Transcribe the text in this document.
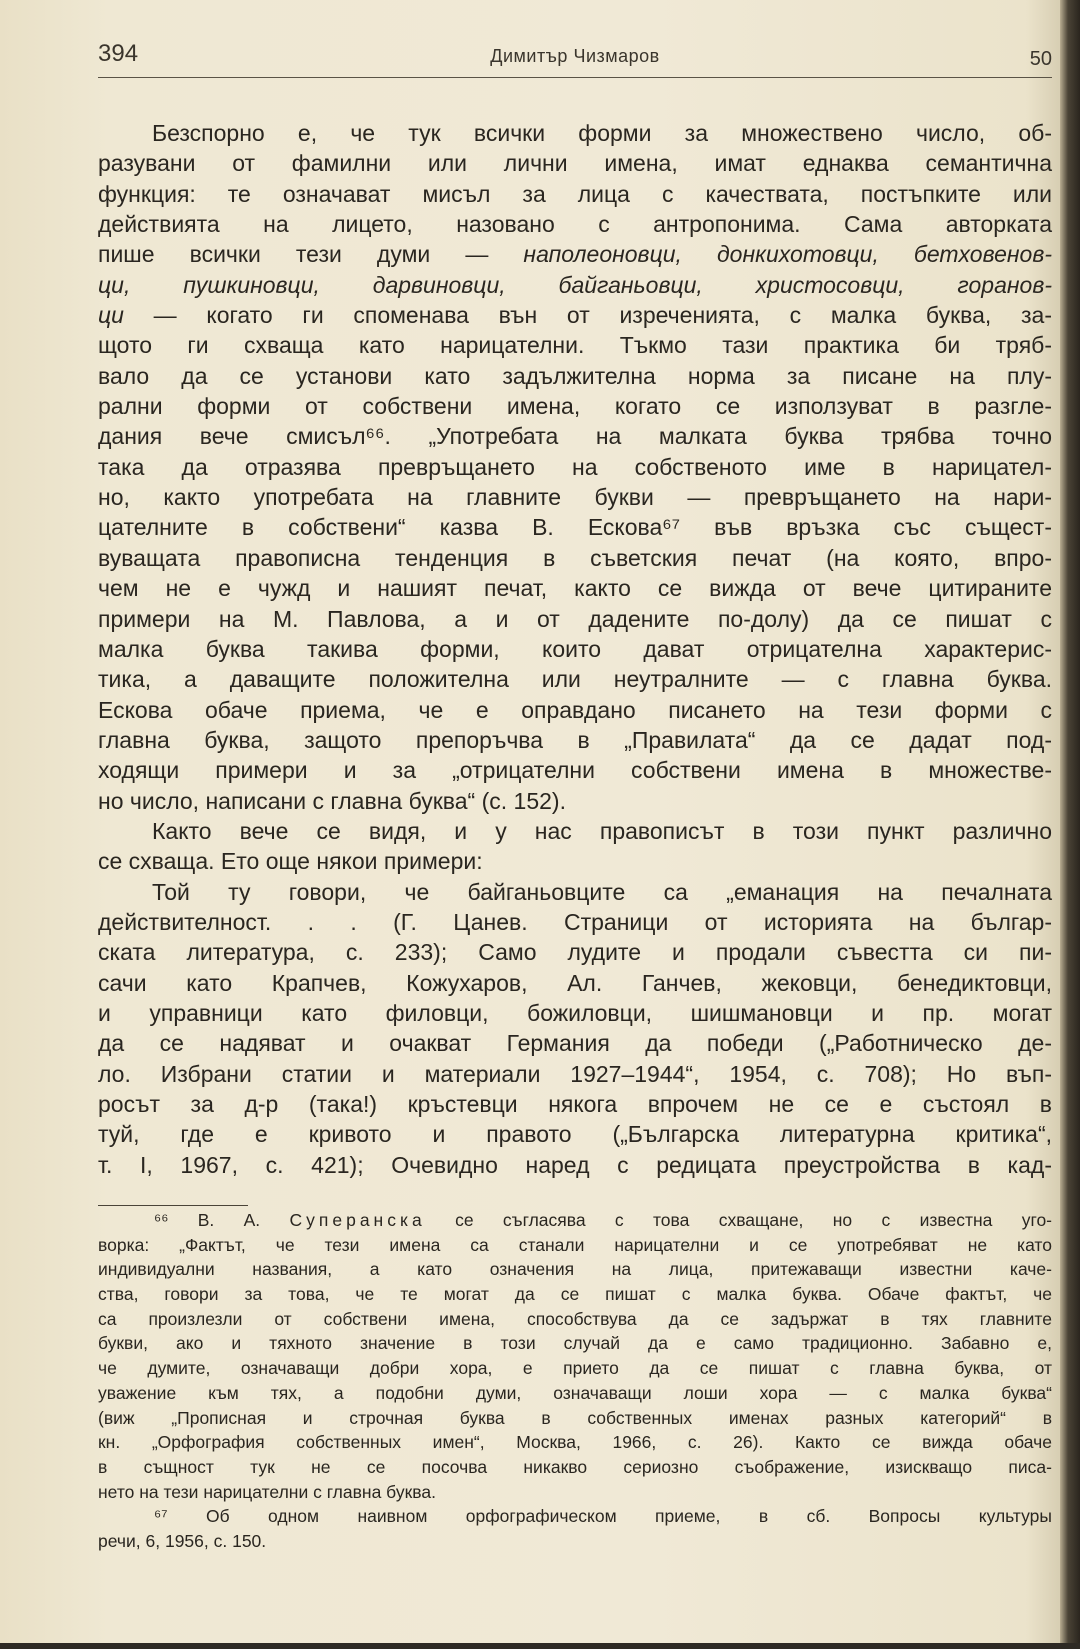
394	Димитър Чизмаров	50
Безспорно е, че тук всички форми за множествено число, об-
разувани от фамилни или лични имена, имат еднаква семантична
функция: те означават мисъл за лица с качествата, постъпките или
действията на лицето, назовано с антропонима. Сама авторката
пише всички тези думи — наполеоновци, донкихотовци, бетховенов-
ци, пушкиновци, дарвиновци, байганьовци, христосовци, горанов-
ци — когато ги споменава вън от изреченията, с малка буква, за-
щото ги схваща като нарицателни. Тъкмо тази практика би тряб-
вало да се установи като задължителна норма за писане на плу-
рални форми от собствени имена, когато се използуват в разгле-
дания вече смисъл⁶⁶. „Употребата на малката буква трябва точно
така да отразява превръщането на собственото име в нарицател-
но, както употребата на главните букви — превръщането на нари-
цателните в собствени“ казва В. Ескова⁶⁷ във връзка със същест-
вуващата правописна тенденция в съветския печат (на която, впро-
чем не е чужд и нашият печат, както се вижда от вече цитираните
примери на М. Павлова, а и от дадените по-долу) да се пишат с
малка буква такива форми, които дават отрицателна характерис-
тика, а даващите положителна или неутралните — с главна буква.
Ескова обаче приема, че е оправдано писането на тези форми с
главна буква, защото препоръчва в „Правилата“ да се дадат под-
ходящи примери и за „отрицателни собствени имена в множестве-
но число, написани с главна буква“ (с. 152).
Както вече се видя, и у нас правописът в този пункт различно
се схваща. Ето още някои примери:
Той ту говори, че байганьовците са „еманация на печалната
действителност. . . (Г. Цанев. Страници от историята на българ-
ската литература, с. 233); Само лудите и продали съвестта си пи-
сачи като Крапчев, Кожухаров, Ал. Ганчев, жековци, бенедиктовци,
и управници като филовци, божиловци, шишмановци и пр. могат
да се надяват и очакват Германия да победи („Работническо де-
ло. Избрани статии и материали 1927–1944“, 1954, с. 708); Но въп-
росът за д-р (така!) кръстевци някога впрочем не се е състоял в
туй, где е кривото и правото („Българска литературна критика“,
т. I, 1967, с. 421); Очевидно наред с редицата преустройства в кад-
⁶⁶ В. А. Суперанска се съгласява с това схващане, но с известна уго-
ворка: „Фактът, че тези имена са станали нарицателни и се употребяват не като
индивидуални названия, а като означения на лица, притежаващи известни каче-
ства, говори за това, че те могат да се пишат с малка буква. Обаче фактът, че
са произлезли от собствени имена, способствува да се задържат в тях главните
букви, ако и тяхното значение в този случай да е само традиционно. Забавно е,
че думите, означаващи добри хора, е прието да се пишат с главна буква, от
уважение към тях, а подобни думи, означаващи лоши хора — с малка буква“
(виж „Прописная и строчная буква в собственных именах разных категорий“ в
кн. „Орфография собственных имен“, Москва, 1966, с. 26). Както се вижда обаче
в същност тук не се посочва никакво сериозно съображение, изискващо писа-
нето на тези нарицателни с главна буква.
⁶⁷ Об одном наивном орфографическом приеме, в сб. Вопросы культуры
речи, 6, 1956, с. 150.
